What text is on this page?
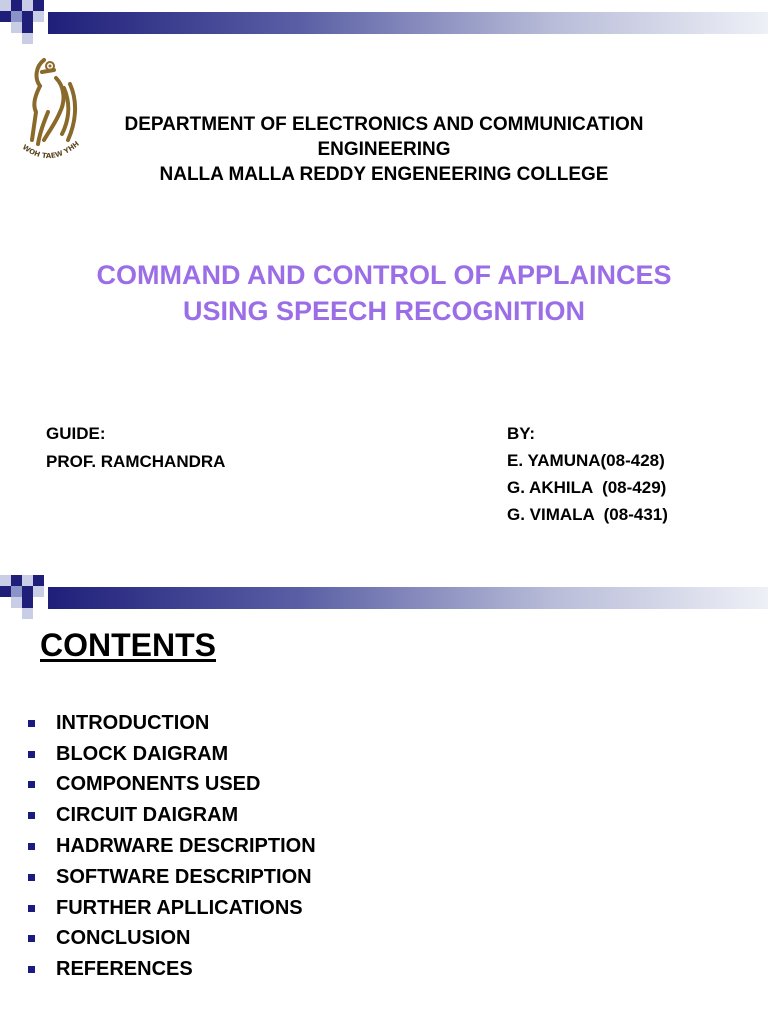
WOH TAEW YHH
DEPARTMENT OF ELECTRONICS AND COMMUNICATION
ENGINEERING
NALLA MALLA REDDY ENGENEERING COLLEGE
COMMAND AND CONTROL OF APPLAINCES
USING SPEECH RECOGNITION
GUIDE:
PROF. RAMCHANDRA
BY:
E. YAMUNA(08-428)
G. AKHILA  (08-429)
G. VIMALA  (08-431)
CONTENTS
INTRODUCTION
BLOCK DAIGRAM
COMPONENTS USED
CIRCUIT DAIGRAM
HADRWARE DESCRIPTION
SOFTWARE DESCRIPTION
FURTHER APLLICATIONS
CONCLUSION
REFERENCES
